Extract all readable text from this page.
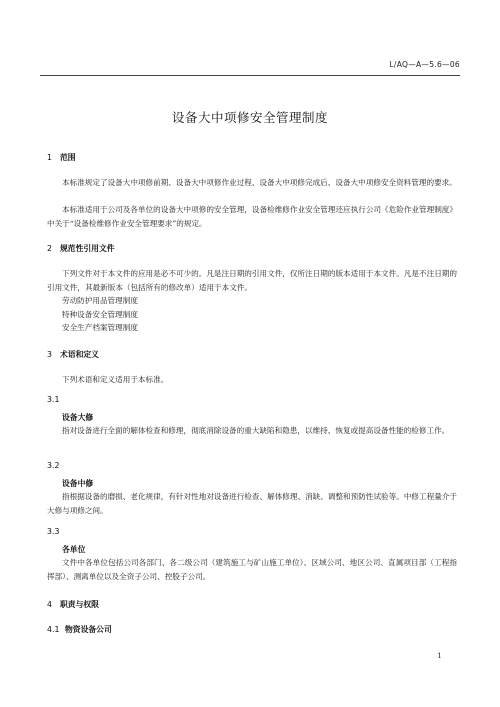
L/AQ—A—5.6—06
设备大中项修安全管理制度
1 范围

本标准规定了设备大中项修前期、设备大中项修作业过程、设备大中项修完成后、设备大中项修安全资料管理的要求。

本标准适用于公司及各单位的设备大中项修的安全管理，设备检维修作业安全管理还应执行公司《危险作业管理制度》中关于“设备检维修作业安全管理要求”的规定。

2 规范性引用文件

下列文件对于本文件的应用是必不可少的。凡是注日期的引用文件，仅所注日期的版本适用于本文件。凡是不注日期的引用文件，其最新版本（包括所有的修改单）适用于本文件。

劳动防护用品管理制度
特种设备安全管理制度
安全生产档案管理制度
3 术语和定义

下列术语和定义适用于本标准。

3.1
设备大修

指对设备进行全面的解体检查和修理，彻底消除设备的重大缺陷和隐患，以维持、恢复或提高设备性能的检修工作。

3.2
设备中修

指根据设备的磨损、老化规律，有针对性地对设备进行检查、解体修理、消缺、调整和预防性试验等。中修工程量介于大修与项修之间。

3.3
各单位

文件中各单位包括公司各部门、各二级公司（建筑施工与矿山施工单位）、区域公司、地区公司、直属项目部（工程指挥部）、测离单位以及全资子公司、控股子公司。

4 职责与权限
4.1 物资设备公司
1
